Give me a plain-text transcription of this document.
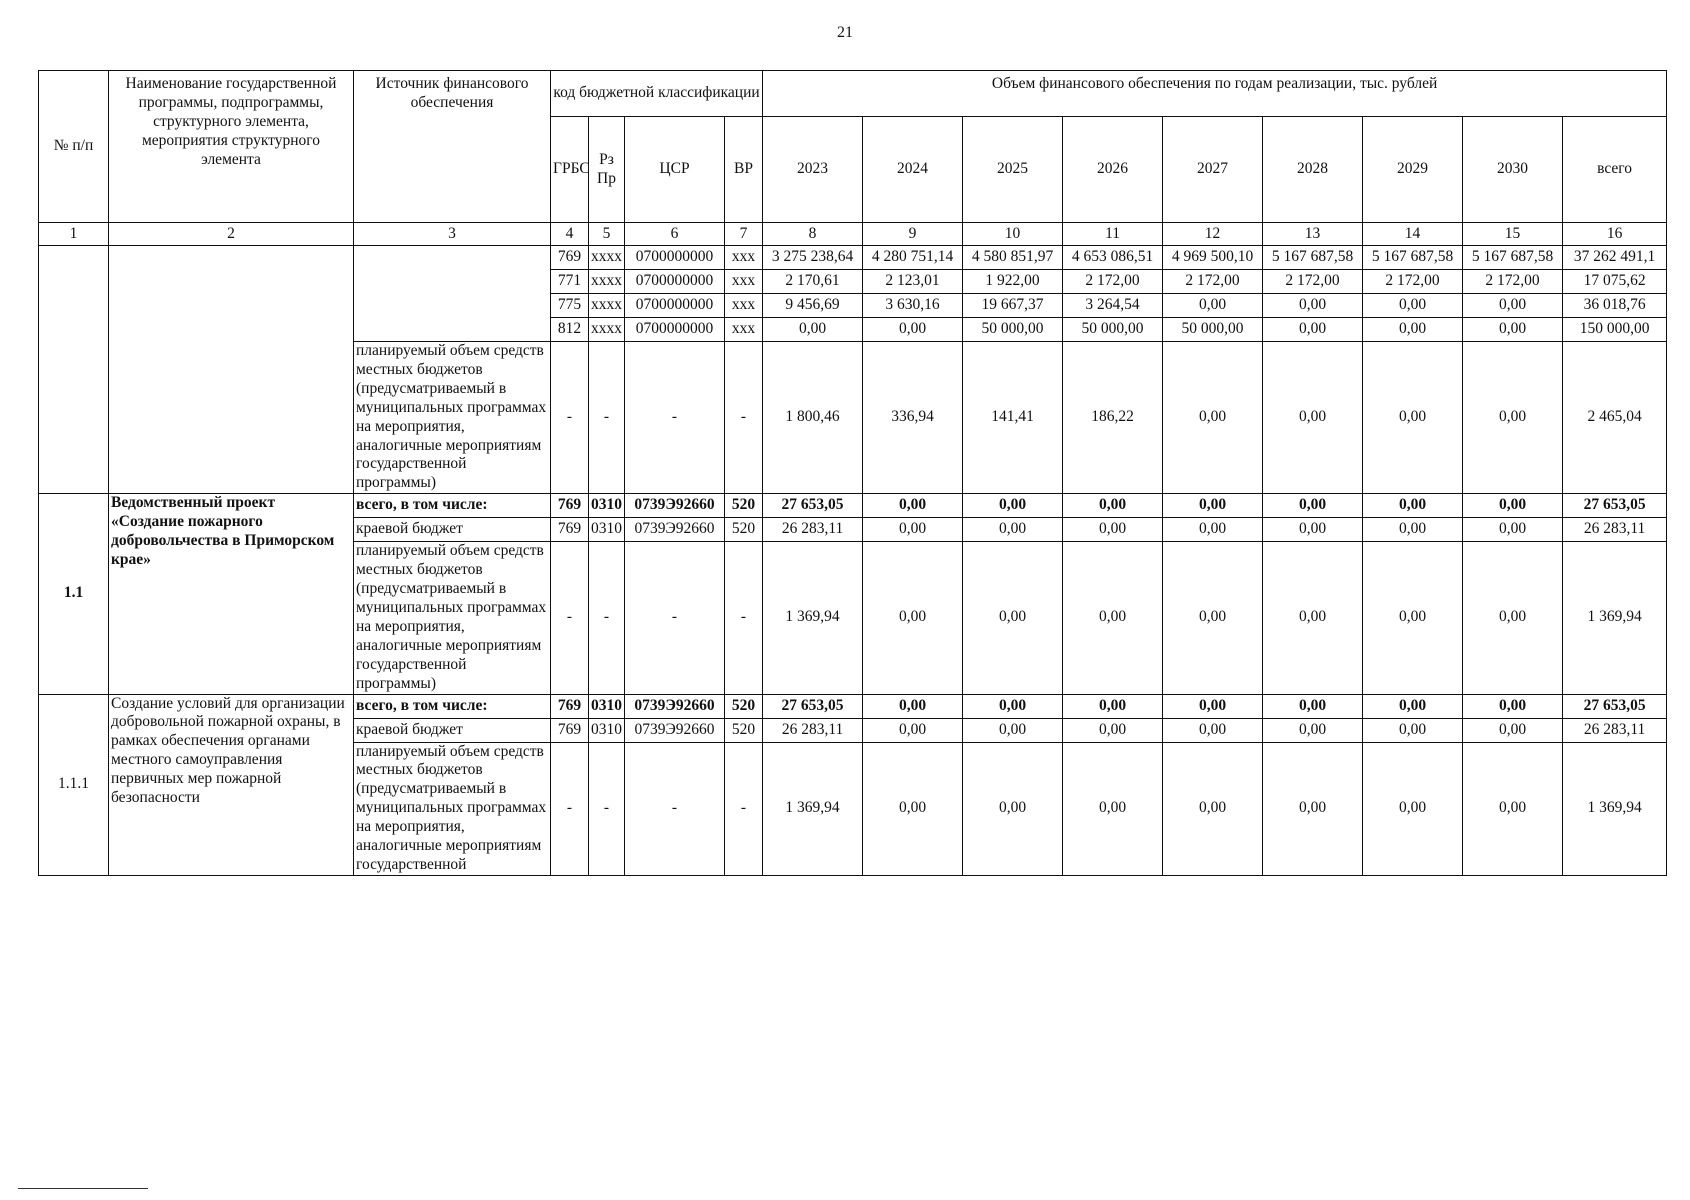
21
№ п/п	Наименование государственной программы, подпрограммы, структурного элемента, мероприятия структурного элемента	Источник финансового обеспечения	код бюджетной классификации				Объем финансового обеспечения по годам реализации, тыс. рублей								
			ГРБС	Рз Пр	ЦСР	ВР	2023	2024	2025	2026	2027	2028	2029	2030	всего
1	2	3	4	5	6	7	8	9	10	11	12	13	14	15	16
			769	xxxx	0700000000	xxx	3 275 238,64	4 280 751,14	4 580 851,97	4 653 086,51	4 969 500,10	5 167 687,58	5 167 687,58	5 167 687,58	37 262 491,1
			771	xxxx	0700000000	xxx	2 170,61	2 123,01	1 922,00	2 172,00	2 172,00	2 172,00	2 172,00	2 172,00	17 075,62
			775	xxxx	0700000000	xxx	9 456,69	3 630,16	19 667,37	3 264,54	0,00	0,00	0,00	0,00	36 018,76
			812	xxxx	0700000000	xxx	0,00	0,00	50 000,00	50 000,00	50 000,00	0,00	0,00	0,00	150 000,00
		планируемый объем средств местных бюджетов (предусматриваемый в муниципальных программах на мероприятия, аналогичные мероприятиям государственной программы)	-	-	-	-	1 800,46	336,94	141,41	186,22	0,00	0,00	0,00	0,00	2 465,04
1.1	Ведомственный проект «Создание пожарного добровольчества в Приморском крае»	всего, в том числе:	769	0310	0739Э92660	520	27 653,05	0,00	0,00	0,00	0,00	0,00	0,00	0,00	27 653,05
		краевой бюджет	769	0310	0739Э92660	520	26 283,11	0,00	0,00	0,00	0,00	0,00	0,00	0,00	26 283,11
		планируемый объем средств местных бюджетов (предусматриваемый в муниципальных программах на мероприятия, аналогичные мероприятиям государственной программы)	-	-	-	-	1 369,94	0,00	0,00	0,00	0,00	0,00	0,00	0,00	1 369,94
1.1.1	Создание условий для организации добровольной пожарной охраны, в рамках обеспечения органами местного самоуправления первичных мер пожарной безопасности	всего, в том числе:	769	0310	0739Э92660	520	27 653,05	0,00	0,00	0,00	0,00	0,00	0,00	0,00	27 653,05
		краевой бюджет	769	0310	0739Э92660	520	26 283,11	0,00	0,00	0,00	0,00	0,00	0,00	0,00	26 283,11
		планируемый объем средств местных бюджетов (предусматриваемый в муниципальных программах на мероприятия, аналогичные мероприятиям государственной	-	-	-	-	1 369,94	0,00	0,00	0,00	0,00	0,00	0,00	0,00	1 369,94
